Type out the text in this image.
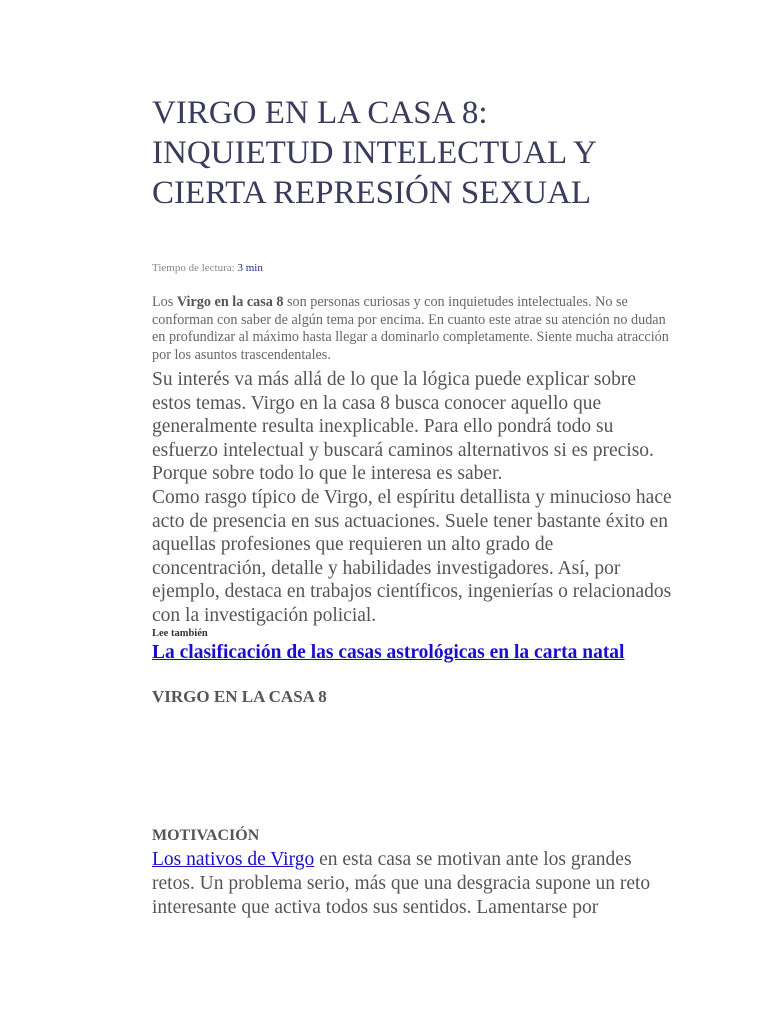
VIRGO EN LA CASA 8:
INQUIETUD INTELECTUAL Y
CIERTA REPRESIÓN SEXUAL
Tiempo de lectura: 3 min

Los Virgo en la casa 8 son personas curiosas y con inquietudes intelectuales. No se conforman con saber de algún tema por encima. En cuanto este atrae su atención no dudan en profundizar al máximo hasta llegar a dominarlo completamente. Siente mucha atracción por los asuntos trascendentales.

Su interés va más allá de lo que la lógica puede explicar sobre estos temas. Virgo en la casa 8 busca conocer aquello que generalmente resulta inexplicable. Para ello pondrá todo su esfuerzo intelectual y buscará caminos alternativos si es preciso. Porque sobre todo lo que le interesa es saber.

Como rasgo típico de Virgo, el espíritu detallista y minucioso hace acto de presencia en sus actuaciones. Suele tener bastante éxito en aquellas profesiones que requieren un alto grado de concentración, detalle y habilidades investigadores. Así, por ejemplo, destaca en trabajos científicos, ingenierías o relacionados con la investigación policial.

Lee también
La clasificación de las casas astrológicas en la carta natal
VIRGO EN LA CASA 8
MOTIVACIÓN

Los nativos de Virgo en esta casa se motivan ante los grandes retos. Un problema serio, más que una desgracia supone un reto interesante que activa todos sus sentidos. Lamentarse por
